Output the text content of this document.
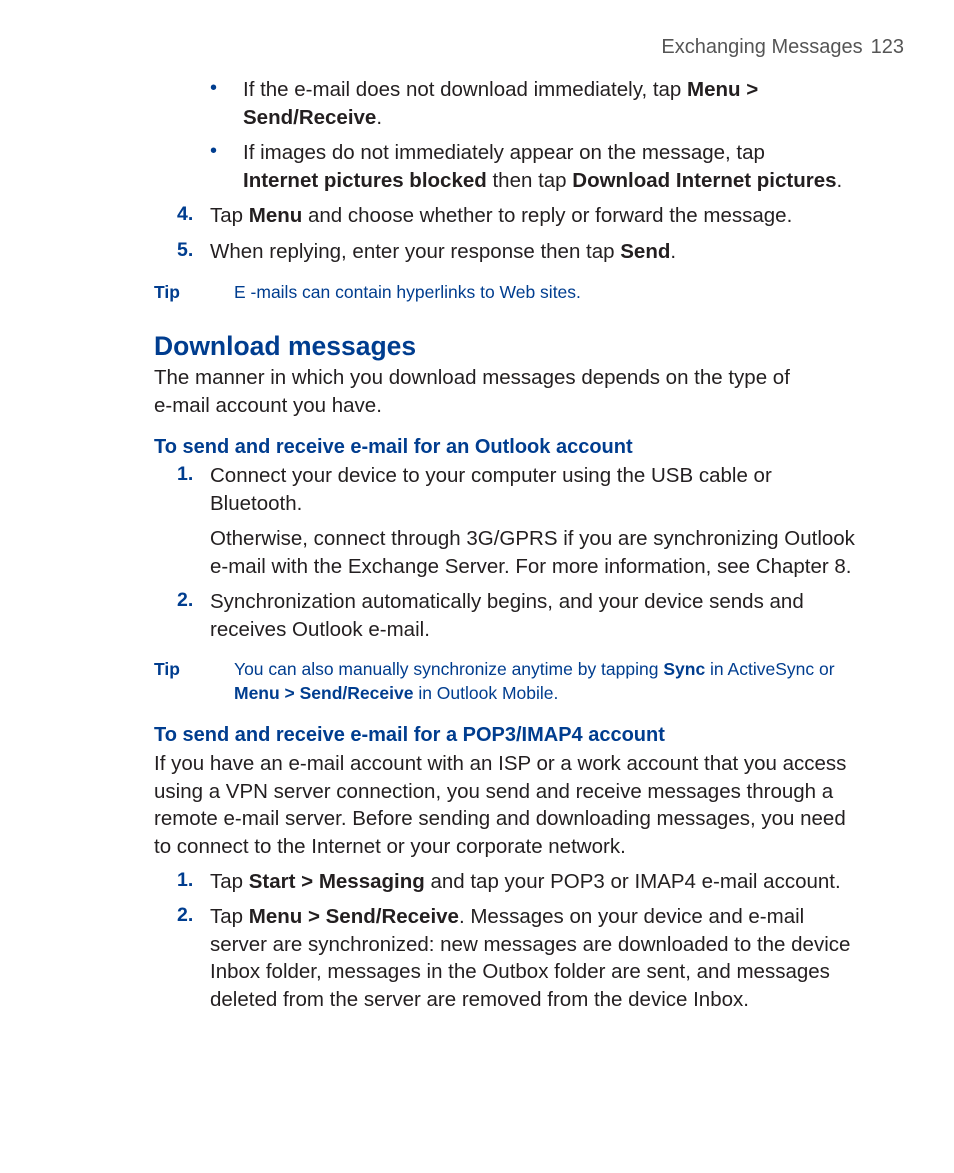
Exchanging Messages 123
• If the e-mail does not download immediately, tap Menu >
Send/Receive.
• If images do not immediately appear on the message, tap
Internet pictures blocked then tap Download Internet pictures.
4. Tap Menu and choose whether to reply or forward the message.
5. When replying, enter your response then tap Send.
Tip	E -mails can contain hyperlinks to Web sites.
Download messages
The manner in which you download messages depends on the type of
e-mail account you have.
To send and receive e-mail for an Outlook account
1. Connect your device to your computer using the USB cable or
Bluetooth.
Otherwise, connect through 3G/GPRS if you are synchronizing Outlook
e-mail with the Exchange Server. For more information, see Chapter 8.
2. Synchronization automatically begins, and your device sends and
receives Outlook e-mail.
Tip	You can also manually synchronize anytime by tapping Sync in ActiveSync or
Menu > Send/Receive in Outlook Mobile.
To send and receive e-mail for a POP3/IMAP4 account
If you have an e-mail account with an ISP or a work account that you access
using a VPN server connection, you send and receive messages through a
remote e-mail server. Before sending and downloading messages, you need
to connect to the Internet or your corporate network.
1. Tap Start > Messaging and tap your POP3 or IMAP4 e-mail account.
2. Tap Menu > Send/Receive. Messages on your device and e-mail
server are synchronized: new messages are downloaded to the device
Inbox folder, messages in the Outbox folder are sent, and messages
deleted from the server are removed from the device Inbox.
